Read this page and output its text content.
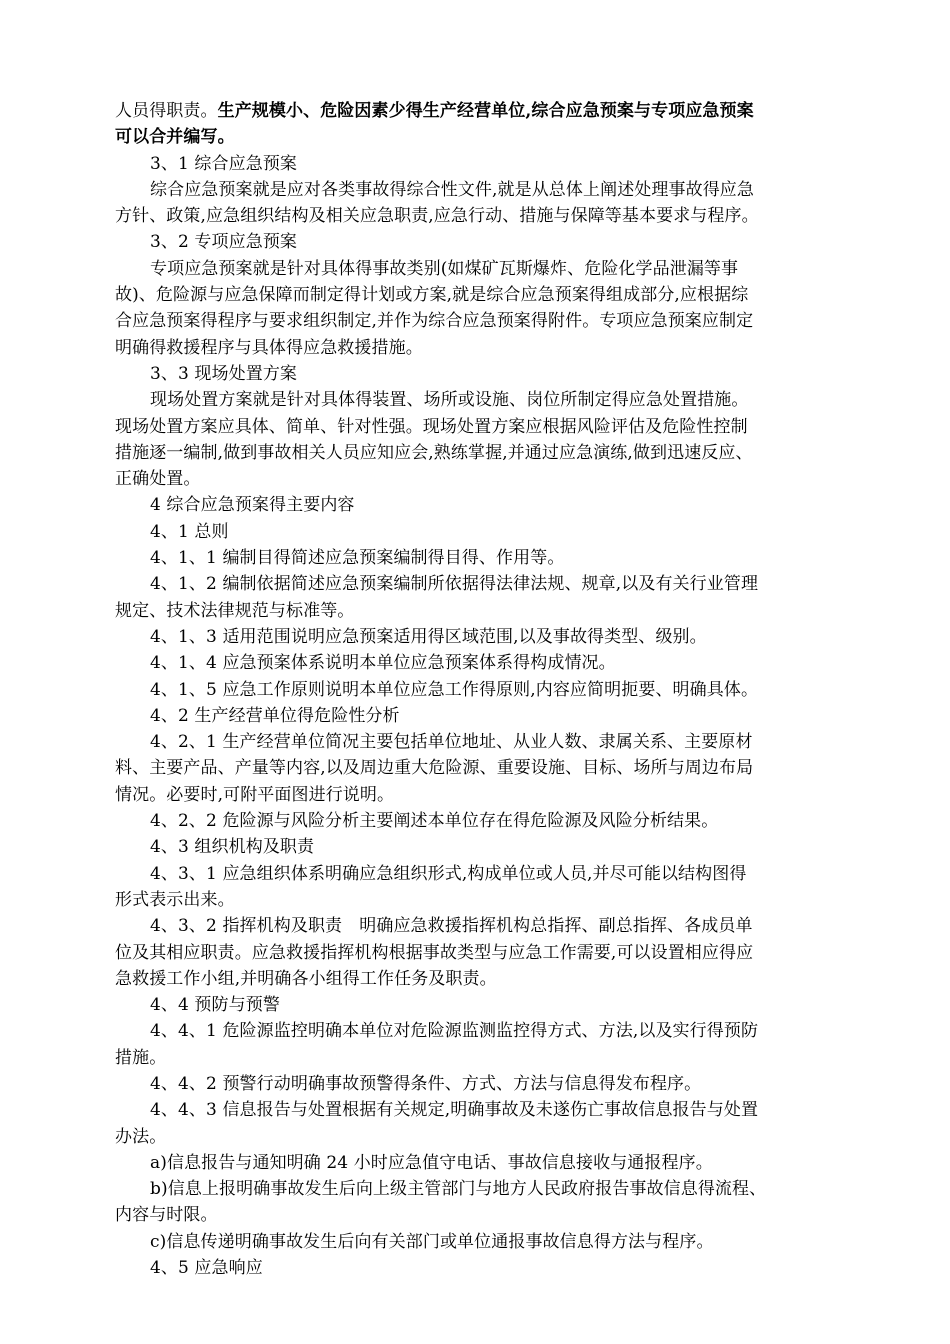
人员得职责。生产规模小、危险因素少得生产经营单位,综合应急预案与专项应急预案
可以合并编写。
3、1 综合应急预案
综合应急预案就是应对各类事故得综合性文件,就是从总体上阐述处理事故得应急
方针、政策,应急组织结构及相关应急职责,应急行动、措施与保障等基本要求与程序。
3、2 专项应急预案
专项应急预案就是针对具体得事故类别(如煤矿瓦斯爆炸、危险化学品泄漏等事
故)、危险源与应急保障而制定得计划或方案,就是综合应急预案得组成部分,应根据综
合应急预案得程序与要求组织制定,并作为综合应急预案得附件。专项应急预案应制定
明确得救援程序与具体得应急救援措施。
3、3 现场处置方案
现场处置方案就是针对具体得装置、场所或设施、岗位所制定得应急处置措施。
现场处置方案应具体、简单、针对性强。现场处置方案应根据风险评估及危险性控制
措施逐一编制,做到事故相关人员应知应会,熟练掌握,并通过应急演练,做到迅速反应、
正确处置。
4 综合应急预案得主要内容
4、1 总则
4、1、1 编制目得简述应急预案编制得目得、作用等。
4、1、2 编制依据简述应急预案编制所依据得法律法规、规章,以及有关行业管理
规定、技术法律规范与标准等。
4、1、3 适用范围说明应急预案适用得区域范围,以及事故得类型、级别。
4、1、4 应急预案体系说明本单位应急预案体系得构成情况。
4、1、5 应急工作原则说明本单位应急工作得原则,内容应简明扼要、明确具体。
4、2 生产经营单位得危险性分析
4、2、1 生产经营单位简况主要包括单位地址、从业人数、隶属关系、主要原材
料、主要产品、产量等内容,以及周边重大危险源、重要设施、目标、场所与周边布局
情况。必要时,可附平面图进行说明。
4、2、2 危险源与风险分析主要阐述本单位存在得危险源及风险分析结果。
4、3 组织机构及职责
4、3、1 应急组织体系明确应急组织形式,构成单位或人员,并尽可能以结构图得
形式表示出来。
4、3、2 指挥机构及职责　明确应急救援指挥机构总指挥、副总指挥、各成员单
位及其相应职责。应急救援指挥机构根据事故类型与应急工作需要,可以设置相应得应
急救援工作小组,并明确各小组得工作任务及职责。
4、4 预防与预警
4、4、1 危险源监控明确本单位对危险源监测监控得方式、方法,以及实行得预防
措施。
4、4、2 预警行动明确事故预警得条件、方式、方法与信息得发布程序。
4、4、3 信息报告与处置根据有关规定,明确事故及未遂伤亡事故信息报告与处置
办法。
a)信息报告与通知明确 24 小时应急值守电话、事故信息接收与通报程序。
b)信息上报明确事故发生后向上级主管部门与地方人民政府报告事故信息得流程、
内容与时限。
c)信息传递明确事故发生后向有关部门或单位通报事故信息得方法与程序。
4、5 应急响应
